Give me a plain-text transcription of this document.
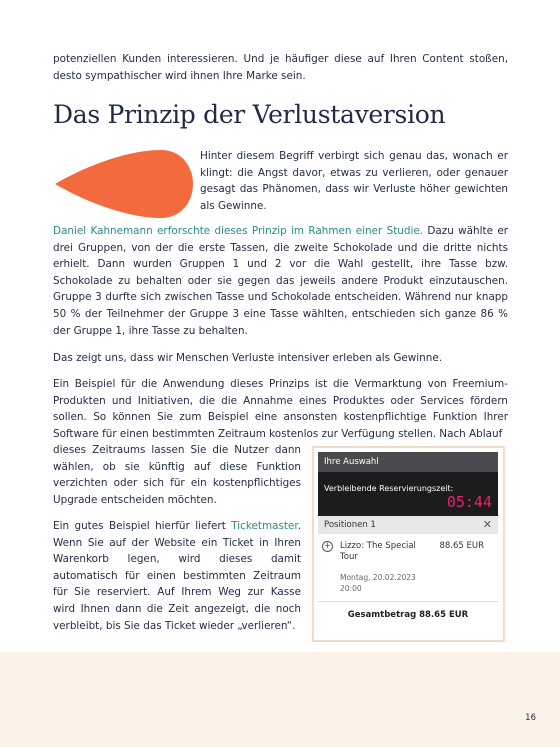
16

potenziellen Kunden interessieren. Und je häufiger diese auf Ihren Content stoßen, desto sympathischer wird ihnen Ihre Marke sein.

Das Prinzip der Verlustaversion

Hinter diesem Begriff verbirgt sich genau das, wonach er klingt: die Angst davor, etwas zu verlieren, oder genauer gesagt das Phänomen, dass wir Verluste höher gewichten als Gewinne.

Daniel Kahnemann erforschte dieses Prinzip im Rahmen einer Studie. Dazu wählte er drei Gruppen, von der die erste Tassen, die zweite Schokolade und die dritte nichts erhielt. Dann wurden Gruppen 1 und 2 vor die Wahl gestellt, ihre Tasse bzw. Schokolade zu behalten oder sie gegen das jeweils andere Produkt einzutauschen. Gruppe 3 durfte sich zwischen Tasse und Schokolade entscheiden. Während nur knapp 50 % der Teilnehmer der Gruppe 3 eine Tasse wählten, entschieden sich ganze 86 % der Gruppe 1, ihre Tasse zu behalten.

Das zeigt uns, dass wir Menschen Verluste intensiver erleben als Gewinne.

Ein Beispiel für die Anwendung dieses Prinzips ist die Vermarktung von Freemium-Produkten und Initiativen, die die Annahme eines Produktes oder Services fördern sollen. So können Sie zum Beispiel eine ansonsten kostenpflichtige Funktion Ihrer Software für einen bestimmten Zeitraum kostenlos zur Verfügung stellen. Nach Ablauf

dieses Zeitraums lassen Sie die Nutzer dann wählen, ob sie künftig auf diese Funktion verzichten oder sich für ein kostenpflichtiges Upgrade entscheiden möchten.

Ein gutes Beispiel hierfür liefert Ticketmaster. Wenn Sie auf der Website ein Ticket in Ihren Warenkorb legen, wird dieses damit automatisch für einen bestimmten Zeitraum für Sie reserviert. Auf Ihrem Weg zur Kasse wird Ihnen dann die Zeit angezeigt, die noch verbleibt, bis Sie das Ticket wieder „verlieren“.

Ihre Auswahl
Verbleibende Reservierungszeit:
05:44
Positionen 1	✕
+ Lizzo: The Special Tour
88.65 EUR
Montag, 20.02.2023
20:00
Gesamtbetrag 88.65 EUR
